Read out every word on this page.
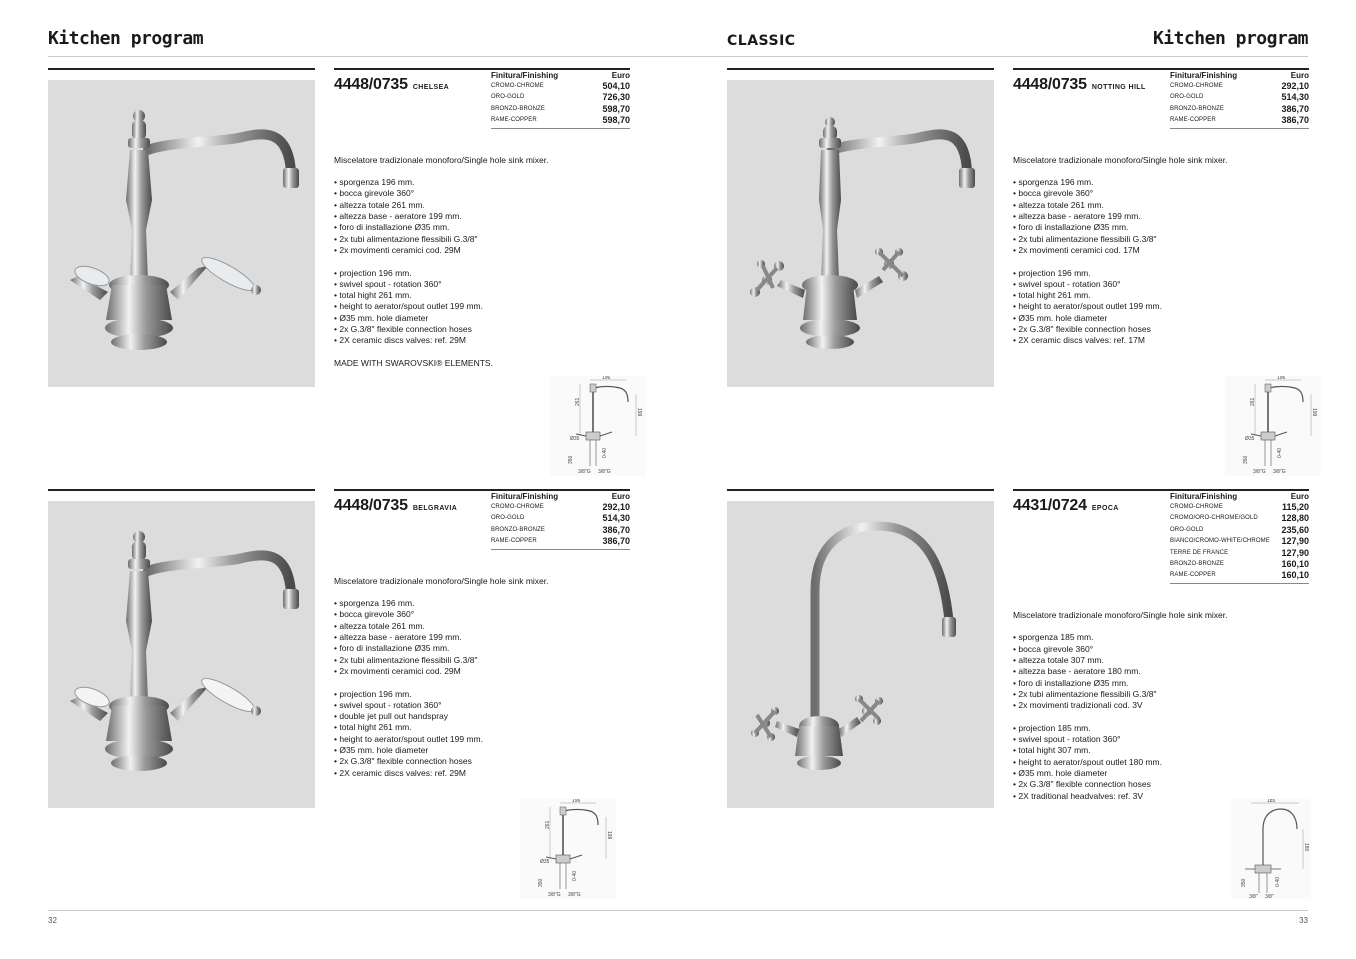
Kitchen program	CLASSIC	Kitchen program
4448/0735 CHELSEA
Finitura/Finishing	Euro
CROMO-CHROME	504,10
ORO-GOLD	726,30
BRONZO-BRONZE	598,70
RAME-COPPER	598,70
Miscelatore tradizionale monoforo/Single hole sink mixer.
• sporgenza 196 mm.
• bocca girevole 360°
• altezza totale 261 mm.
• altezza base - aeratore 199 mm.
• foro di installazione Ø35 mm.
• 2x tubi alimentazione flessibili G.3/8"
• 2x movimenti ceramici cod. 29M
• projection 196 mm.
• swivel spout - rotation 360°
• total hight 261 mm.
• height to aerator/spout outlet 199 mm.
• Ø35 mm. hole diameter
• 2x G.3/8" flexible connection hoses
• 2X ceramic discs valves: ref. 29M
MADE WITH SWAROVSKI® ELEMENTS.
196
199
261
Ø35
350
0-40
3/8"G 3/8"G
4448/0735 NOTTING HILL
Finitura/Finishing	Euro
CROMO-CHROME	292,10
ORO-GOLD	514,30
BRONZO-BRONZE	386,70
RAME-COPPER	386,70
Miscelatore tradizionale monoforo/Single hole sink mixer.
• sporgenza 196 mm.
• bocca girevole 360°
• altezza totale 261 mm.
• altezza base - aeratore 199 mm.
• foro di installazione Ø35 mm.
• 2x tubi alimentazione flessibili G.3/8"
• 2x movimenti ceramici cod. 17M
• projection 196 mm.
• swivel spout - rotation 360°
• total hight 261 mm.
• height to aerator/spout outlet 199 mm.
• Ø35 mm. hole diameter
• 2x G.3/8" flexible connection hoses
• 2X ceramic discs valves: ref. 17M
196
199
261
Ø35
350
0-40
3/8"G 3/8"G
4448/0735 BELGRAVIA
Finitura/Finishing	Euro
CROMO-CHROME	292,10
ORO-GOLD	514,30
BRONZO-BRONZE	386,70
RAME-COPPER	386,70
Miscelatore tradizionale monoforo/Single hole sink mixer.
• sporgenza 196 mm.
• bocca girevole 360°
• altezza totale 261 mm.
• altezza base - aeratore 199 mm.
• foro di installazione Ø35 mm.
• 2x tubi alimentazione flessibili G.3/8"
• 2x movimenti ceramici cod. 29M
• projection 196 mm.
• swivel spout - rotation 360°
• double jet pull out handspray
• total hight 261 mm.
• height to aerator/spout outlet 199 mm.
• Ø35 mm. hole diameter
• 2x G.3/8" flexible connection hoses
• 2X ceramic discs valves: ref. 29M
196
199
261
Ø35
350
0-40
3/8"G 3/8"G
4431/0724 EPOCA
Finitura/Finishing	Euro
CROMO-CHROME	115,20
CROMO/ORO-CHROME/GOLD	128,80
ORO-GOLD	235,60
BIANCO/CROMO-WHITE/CHROME 127,90
TERRE DE FRANCE	127,90
BRONZO-BRONZE	160,10
RAME-COPPER	160,10
Miscelatore tradizionale monoforo/Single hole sink mixer.
• sporgenza 185 mm.
• bocca girevole 360°
• altezza totale 307 mm.
• altezza base - aeratore 180 mm.
• foro di installazione Ø35 mm.
• 2x tubi alimentazione flessibili G.3/8"
• 2x movimenti tradizionali cod. 3V
• projection 185 mm.
• swivel spout - rotation 360°
• total hight 307 mm.
• height to aerator/spout outlet 180 mm.
• Ø35 mm. hole diameter
• 2x G.3/8" flexible connection hoses
• 2X traditional headvalves: ref. 3V
185
180
350	0-40
3/8" 3/8"
32	33
